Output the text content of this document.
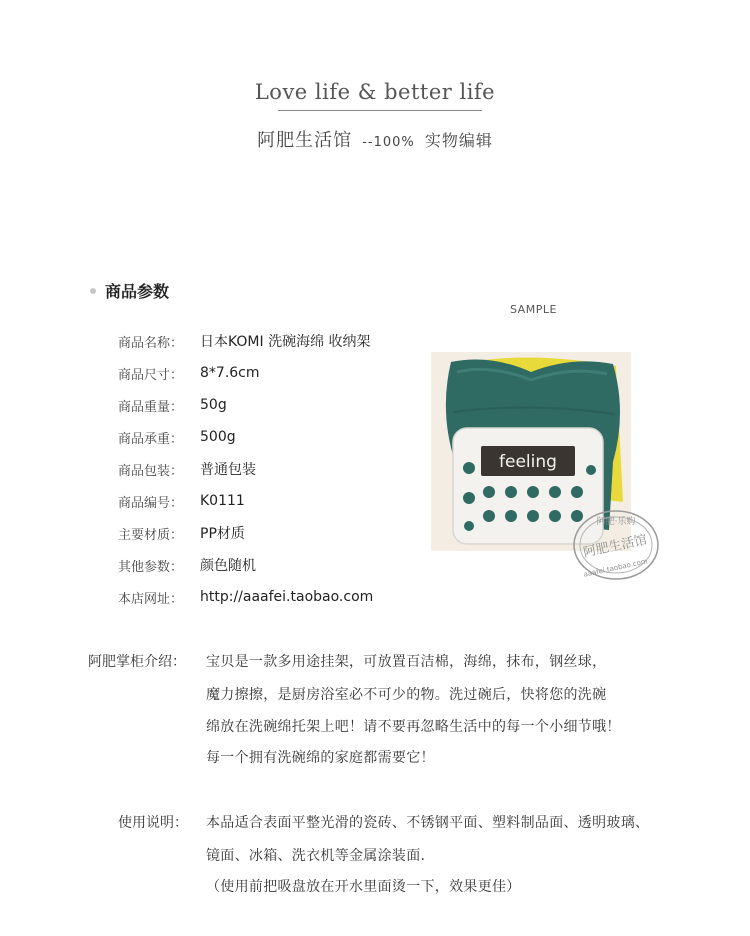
Love life & better life
阿肥生活馆 --100% 实物编辑
商品参数
SAMPLE
商品名称：	日本KOMI 洗碗海绵 收纳架
商品尺寸：	8*7.6cm
商品重量：	50g
商品承重：	500g
商品包装：	普通包装
商品编号：	K0111
主要材质：	PP材质
其他参数：	颜色随机
本店网址：	http://aaafei.taobao.com
feeling
阿肥·乐购
阿肥生活馆
aaafei.taobao.com
阿肥掌柜介绍： 宝贝是一款多用途挂架，可放置百洁棉，海绵，抹布，钢丝球，
魔力擦擦，是厨房浴室必不可少的物。洗过碗后，快将您的洗碗
绵放在洗碗绵托架上吧！请不要再忽略生活中的每一个小细节哦！
每一个拥有洗碗绵的家庭都需要它！
使用说明： 本品适合表面平整光滑的瓷砖、不锈钢平面、塑料制品面、透明玻璃、
镜面、冰箱、洗衣机等金属涂装面.
（使用前把吸盘放在开水里面烫一下，效果更佳）
